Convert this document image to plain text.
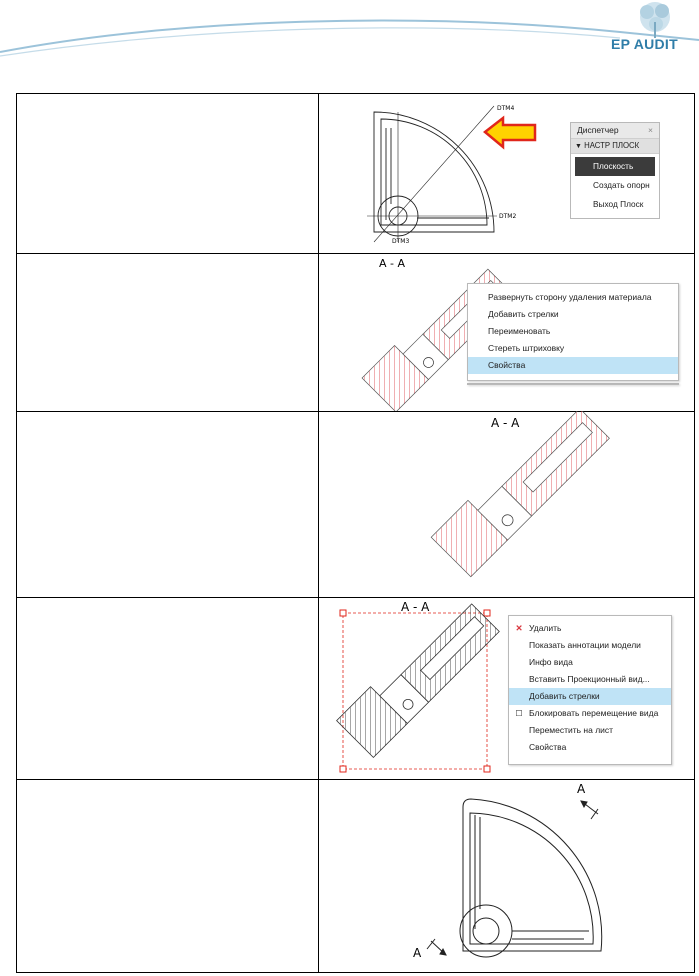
EP AUDIT
DTM4
DTM2
DTM3
Диспетчер	×
▼ НАСТР ПЛОСК
Плоскость
Создать опорн
Выход Плоск
A - A
Развернуть сторону удаления материала
Добавить стрелки
Переименовать
Стереть штриховку
Свойства
A - A
A - A
✕ Удалить
Показать аннотации модели
Инфо вида
Вставить Проекционный вид...
Добавить стрелки
☐ Блокировать перемещение вида
Переместить на лист
Свойства
A
A
